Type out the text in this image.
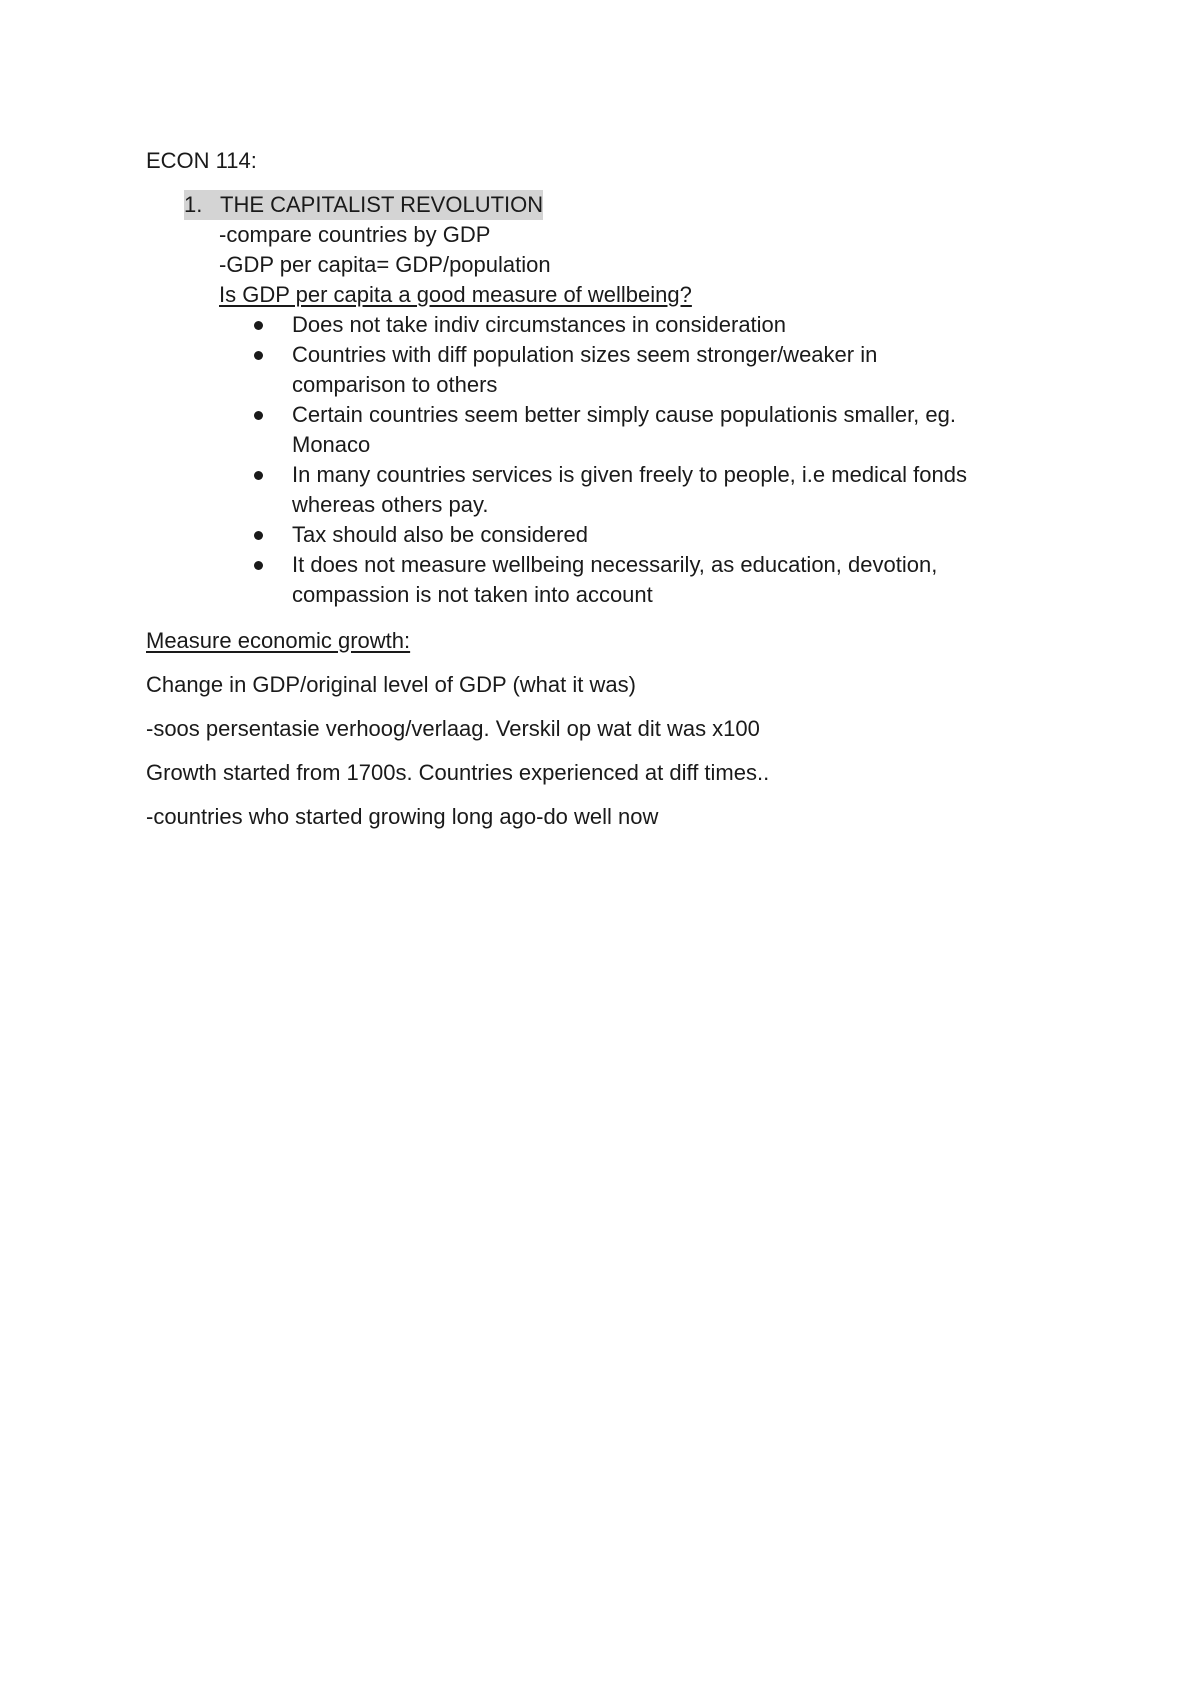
ECON 114:
THE CAPITALIST REVOLUTION
1.
-compare countries by GDP
-GDP per capita= GDP/population
Is GDP per capita a good measure of wellbeing?
Does not take indiv circumstances in consideration
Countries with diff population sizes seem stronger/weaker in comparison to others
Certain countries seem better simply cause populationis smaller, eg. Monaco
In many countries services is given freely to people, i.e medical fonds whereas others pay.
Tax should also be considered
It does not measure wellbeing necessarily, as education, devotion, compassion is not taken into account
Measure economic growth:
Change in GDP/original level of GDP (what it was)
-soos persentasie verhoog/verlaag. Verskil op wat dit was x100
Growth started from 1700s. Countries experienced at diff times..
-countries who started growing long ago-do well now
